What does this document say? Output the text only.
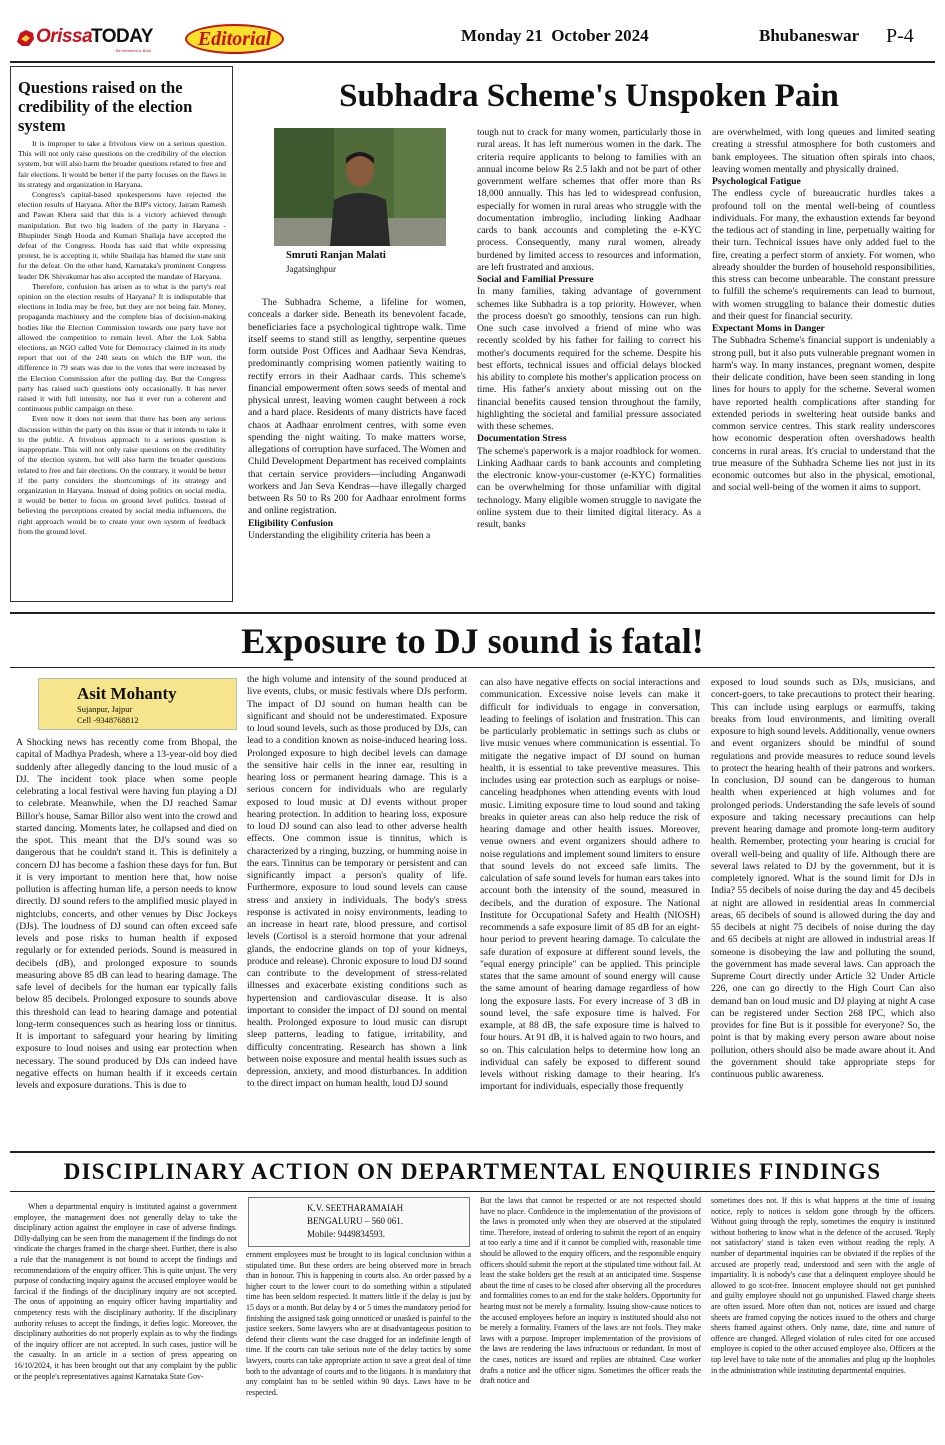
Orissa
TODAY
Be Informed & Bold
Editorial	Monday 21  October 2024	Bhubaneswar P-4
Questions raised on the credibility of the election system

It is improper to take a frivolous view on a serious question. This will not only raise questions on the credibility of the election system, but will also harm the broader questions related to free and fair elections. It would be better if the party focuses on the flaws in its strategy and organization in Haryana.

Congress's capital-based spokespersons have rejected the election results of Haryana. After the BJP's victory, Jairam Ramesh and Pawan Khera said that this is a victory achieved through manipulation. But two big leaders of the party in Haryana - Bhupinder Singh Hooda and Kumari Shailaja have accepted the defeat of the Congress. Hooda has said that while expressing protest, he is accepting it, while Shailaja has blamed the state unit for the defeat. On the other hand, Karnataka's prominent Congress leader DK Shivakumar has also accepted the mandate of Haryana.

Therefore, confusion has arisen as to what is the party's real opinion on the election results of Haryana? It is indisputable that elections in India may be free, but they are not being fair. Money, propaganda machinery and the complete bias of decision-making bodies like the Election Commission towards one party have not allowed the competition to remain level. After the Lok Sabha elections, an NGO called Vote for Democracy claimed in its study report that out of the 240 seats on which the BJP won, the difference in 79 seats was due to the votes that were increased by the Election Commission after the polling day. But the Congress party has raised such questions only occasionally. It has never raised it with full intensity, nor has it ever run a coherent and continuous public campaign on these.

Even now it does not seem that there has been any serious discussion within the party on this issue or that it intends to take it to the public. A frivolous approach to a serious question is inappropriate. This will not only raise questions on the credibility of the election system, but will also harm the broader questions related to free and fair elections. On the contrary, it would be better if the party considers the shortcomings of its strategy and organization in Haryana. Instead of doing politics on social media, it would be better to focus on ground level politics. Instead of believing the perceptions created by social media influencers, the right approach would be to create your own system of feedback from the ground level.

Subhadra Scheme's Unspoken Pain
Smruti Ranjan Malati
Jagatsinghpur

The Subhadra Scheme, a lifeline for women, conceals a darker side. Beneath its benevolent facade, beneficiaries face a psychological tightrope walk. Time itself seems to stand still as lengthy, serpentine queues form outside Post Offices and Aadhaar Seva Kendras, predominantly comprising women patiently waiting to rectify errors in their Aadhaar cards. This scheme's financial empowerment often sows seeds of mental and physical unrest, leaving women caught between a rock and a hard place. Residents of many districts have faced chaos at Aadhaar enrolment centres, with some even spending the night waiting. To make matters worse, allegations of corruption have surfaced. The Women and Child Development Department has received complaints that certain service providers—including Anganwadi workers and Jan Seva Kendras—have illegally charged between Rs 50 to Rs 200 for Aadhaar enrolment forms and online registration.

Eligibility Confusion

Understanding the eligibility criteria has been a

tough nut to crack for many women, particularly those in rural areas. It has left numerous women in the dark. The criteria require applicants to belong to families with an annual income below Rs 2.5 lakh and not be part of other government welfare schemes that offer more than Rs 18,000 annually. This has led to widespread confusion, especially for women in rural areas who struggle with the documentation imbroglio, including linking Aadhaar cards to bank accounts and completing the e-KYC process. Consequently, many rural women, already burdened by limited access to resources and information, are left frustrated and anxious.

Social and Familial Pressure

In many families, taking advantage of government schemes like Subhadra is a top priority. However, when the process doesn't go smoothly, tensions can run high. One such case involved a friend of mine who was recently scolded by his father for failing to correct his mother's documents required for the scheme. Despite his best efforts, technical issues and official delays blocked his ability to complete his mother's application process on time. His father's anxiety about missing out on the financial benefits caused tension throughout the family, highlighting the societal and familial pressure associated with these schemes.

Documentation Stress

The scheme's paperwork is a major roadblock for women. Linking Aadhaar cards to bank accounts and completing the electronic know-your-customer (e-KYC) formalities can be overwhelming for those unfamiliar with digital technology. Many eligible women struggle to navigate the online system due to their limited digital literacy. As a result, banks

are overwhelmed, with long queues and limited seating creating a stressful atmosphere for both customers and bank employees. The situation often spirals into chaos, leaving women mentally and physically drained.

Psychological Fatigue

The endless cycle of bureaucratic hurdles takes a profound toll on the mental well-being of countless individuals. For many, the exhaustion extends far beyond the tedious act of standing in line, perpetually waiting for their turn. Technical issues have only added fuel to the fire, creating a perfect storm of anxiety. For women, who already shoulder the burden of household responsibilities, this stress can become unbearable. The constant pressure to fulfill the scheme's requirements can lead to burnout, with women struggling to balance their domestic duties and their quest for financial security.

Expectant Moms in Danger

The Subhadra Scheme's financial support is undeniably a strong pull, but it also puts vulnerable pregnant women in harm's way. In many instances, pregnant women, despite their delicate condition, have been seen standing in long lines for hours to apply for the scheme. Several women have reported health complications after standing for extended periods in sweltering heat outside banks and common service centres. This stark reality underscores how economic desperation often overshadows health concerns in rural areas. It's crucial to understand that the true measure of the Subhadra Scheme lies not just in its economic outcomes but also in the physical, emotional, and social well-being of the women it aims to support.

Exposure to DJ sound is fatal!
Asit Mohanty
Sujanpur, Jajpur
Cell -9348768812

A Shocking news has recently come from Bhopal, the capital of Madhya Pradesh, where a 13-year-old boy died suddenly after allegedly dancing to the loud music of a DJ. The incident took place when some people celebrating a local festival were having fun playing a DJ to celebrate. Meanwhile, when the DJ reached Samar Billor's house, Samar Billor also went into the crowd and started dancing. Moments later, he collapsed and died on the spot. This meant that the DJ's sound was so dangerous that he couldn't stand it. This is definitely a concern DJ has become a fashion these days for fun. But it is very important to mention here that, how noise pollution is affecting human life, a person needs to know directly. DJ sound refers to the amplified music played in nightclubs, concerts, and other venues by Disc Jockeys (DJs). The loudness of DJ sound can often exceed safe levels and pose risks to human health if exposed regularly or for extended periods. Sound is measured in decibels (dB), and prolonged exposure to sounds measuring above 85 dB can lead to hearing damage. The safe level of decibels for the human ear typically falls below 85 decibels. Prolonged exposure to sounds above this threshold can lead to hearing damage and potential long-term consequences such as hearing loss or tinnitus. It is important to safeguard your hearing by limiting exposure to loud noises and using ear protection when necessary. The sound produced by DJs can indeed have negative effects on human health if it exceeds certain levels and exposure durations. This is due to

the high volume and intensity of the sound produced at live events, clubs, or music festivals where DJs perform. The impact of DJ sound on human health can be significant and should not be underestimated. Exposure to loud sound levels, such as those produced by DJs, can lead to a condition known as noise-induced hearing loss. Prolonged exposure to high decibel levels can damage the sensitive hair cells in the inner ear, resulting in hearing loss or permanent hearing damage. This is a serious concern for individuals who are regularly exposed to loud music at DJ events without proper hearing protection. In addition to hearing loss, exposure to loud DJ sound can also lead to other adverse health effects. One common issue is tinnitus, which is characterized by a ringing, buzzing, or humming noise in the ears. Tinnitus can be temporary or persistent and can significantly impact a person's quality of life. Furthermore, exposure to loud sound levels can cause stress and anxiety in individuals. The body's stress response is activated in noisy environments, leading to an increase in heart rate, blood pressure, and cortisol levels (Cortisol is a steroid hormone that your adrenal glands, the endocrine glands on top of your kidneys, produce and release). Chronic exposure to loud DJ sound can contribute to the development of stress-related illnesses and exacerbate existing conditions such as hypertension and cardiovascular disease. It is also important to consider the impact of DJ sound on mental health. Prolonged exposure to loud music can disrupt sleep patterns, leading to fatigue, irritability, and difficulty concentrating. Research has shown a link between noise exposure and mental health issues such as depression, anxiety, and mood disturbances. In addition to the direct impact on human health, loud DJ sound

can also have negative effects on social interactions and communication. Excessive noise levels can make it difficult for individuals to engage in conversation, leading to feelings of isolation and frustration. This can be particularly problematic in settings such as clubs or live music venues where communication is essential. To mitigate the negative impact of DJ sound on human health, it is essential to take preventive measures. This includes using ear protection such as earplugs or noise-canceling headphones when attending events with loud music. Limiting exposure time to loud sound and taking breaks in quieter areas can also help reduce the risk of hearing damage and other health issues. Moreover, venue owners and event organizers should adhere to noise regulations and implement sound limiters to ensure that sound levels do not exceed safe limits. The calculation of safe sound levels for human ears takes into account both the intensity of the sound, measured in decibels, and the duration of exposure. The National Institute for Occupational Safety and Health (NIOSH) recommends a safe exposure limit of 85 dB for an eight-hour period to prevent hearing damage. To calculate the safe duration of exposure at different sound levels, the "equal energy principle" can be applied. This principle states that the same amount of sound energy will cause the same amount of hearing damage regardless of how long the exposure lasts. For every increase of 3 dB in sound level, the safe exposure time is halved. For example, at 88 dB, the safe exposure time is halved to four hours. At 91 dB, it is halved again to two hours, and so on. This calculation helps to determine how long an individual can safely be exposed to different sound levels without risking damage to their hearing. It's important for individuals, especially those frequently

exposed to loud sounds such as DJs, musicians, and concert-goers, to take precautions to protect their hearing. This can include using earplugs or earmuffs, taking breaks from loud environments, and limiting overall exposure to high sound levels. Additionally, venue owners and event organizers should be mindful of sound regulations and provide measures to reduce sound levels to protect the hearing health of their patrons and workers. In conclusion, DJ sound can be dangerous to human health when experienced at high volumes and for prolonged periods. Understanding the safe levels of sound exposure and taking necessary precautions can help prevent hearing damage and promote long-term auditory health. Remember, protecting your hearing is crucial for overall well-being and quality of life. Although there are several laws related to DJ by the government, but it is completely ignored. What is the sound limit for DJs in India? 55 decibels of noise during the day and 45 decibels at night are allowed in residential areas In commercial areas, 65 decibels of sound is allowed during the day and 55 decibels at night 75 decibels of noise during the day and 65 decibels at night are allowed in industrial areas If someone is disobeying the law and polluting the sound, the government has made several laws. Can approach the Supreme Court directly under Article 32 Under Article 226, one can go directly to the High Court Can also demand ban on loud music and DJ playing at night A case can be registered under Section 268 IPC, which also provides for fine But is it possible for everyone? So, the point is that by making every person aware about noise pollution, others should also be made aware about it. And the government should take appropriate steps for continuous public awareness.

DISCIPLINARY ACTION ON DEPARTMENTAL ENQUIRIES FINDINGS

When a departmental enquiry is instituted against a government employee, the management does not generally delay to take the disciplinary action against the employee in case of adverse findings. Dilly-dallying can be seen from the management if the findings do not vindicate the charges framed in the charge sheet. Further, there is also a rule that the management is not bound to accept the findings and recommendations of the enquiry officer. This is quite unjust. The very purpose of conducting inquiry against the accused employee would be farcical if the findings of the disciplinary inquiry are not accepted. The onus of appointing an enquiry officer having impartiality and competency rests with the disciplinary authority. If the disciplinary authority refuses to accept the findings, it defies logic. Moreover, the disciplinary authorities do not properly explain as to why the findings of the inquiry officer are not accepted. In such cases, justice will be the casualty. In an article in a section of press appearing on 16/10/2024, it has been brought out that any complaint by the public or the people's representatives against Karnataka State Gov-

K.V. SEETHARAMAIAH
BENGALURU – 560 061.
Mobile: 9449834593.

ernment employees must be brought to its logical conclusion within a stipulated time. But these orders are being observed more in breach than in honour. This is happening in courts also. An order passed by a higher court to the lower court to do something within a stipulated time has been seldom respected. It matters little if the delay is just by 15 days or a month. But delay by 4 or 5 times the mandatory period for finishing the assigned task going unnoticed or unasked is painful to the justice seekers. Some lawyers who are at disadvantageous position to defend their clients want the case dragged for an indefinite length of time. If the courts can take serious note of the delay tactics by some lawyers, courts can take appropriate action to save a great deal of time both to the advantage of courts and to the litigants. It is mandatory that any complaint has to be settled within 90 days. Laws have to be respected.

But the laws that cannot be respected or are not respected should have no place. Confidence in the implementation of the provisions of the laws is promoted only when they are observed at the stipulated time. Therefore, instead of ordering to submit the report of an enquiry at too early a time and if it cannot be complied with, reasonable time should be allowed to the enquiry officers, and the responsible enquiry officers should submit the report at the stipulated time without fail. At least the stake holders get the result at an anticipated time. Suspense about the time of cases to be closed after observing all the procedures and formalities comes to an end for the stake holders. Opportunity for hearing must not be merely a formality. Issuing show-cause notices to the accused employees before an inquiry is instituted should also not be merely a formality. Framers of the laws are not fools. They make laws with a purpose. Improper implementation of the provisions of the laws are rendering the laws infructuous or redundant. In most of the cases, notices are issued and replies are obtained. Case worker drafts a notice and the officer signs. Sometimes the officer reads the draft notice and

sometimes does not. If this is what happens at the time of issuing notice, reply to notices is seldom gone through by the officers. Without going through the reply, sometimes the enquiry is instituted without bothering to know what is the defence of the accused. 'Reply not satisfactory' stand is taken even without reading the reply. A number of departmental inquiries can be obviated if the replies of the accused are properly read, understood and seen with the angle of impartiality. It is nobody's case that a delinquent employee should be allowed to go scot-free. Innocent employee should not get punished and guilty employee should not go unpunished. Flawed charge sheets are often issued. More often than not, notices are issued and charge sheets are framed copying the notices issued to the others and charge sheets framed against others. Only name, date, time and nature of offence are changed. Alleged violation of rules cited for one accused employee is copied to the other accused employee also. Officers at the top level have to take note of the anomalies and plug up the loopholes in the administration while instituting departmental enquiries.
